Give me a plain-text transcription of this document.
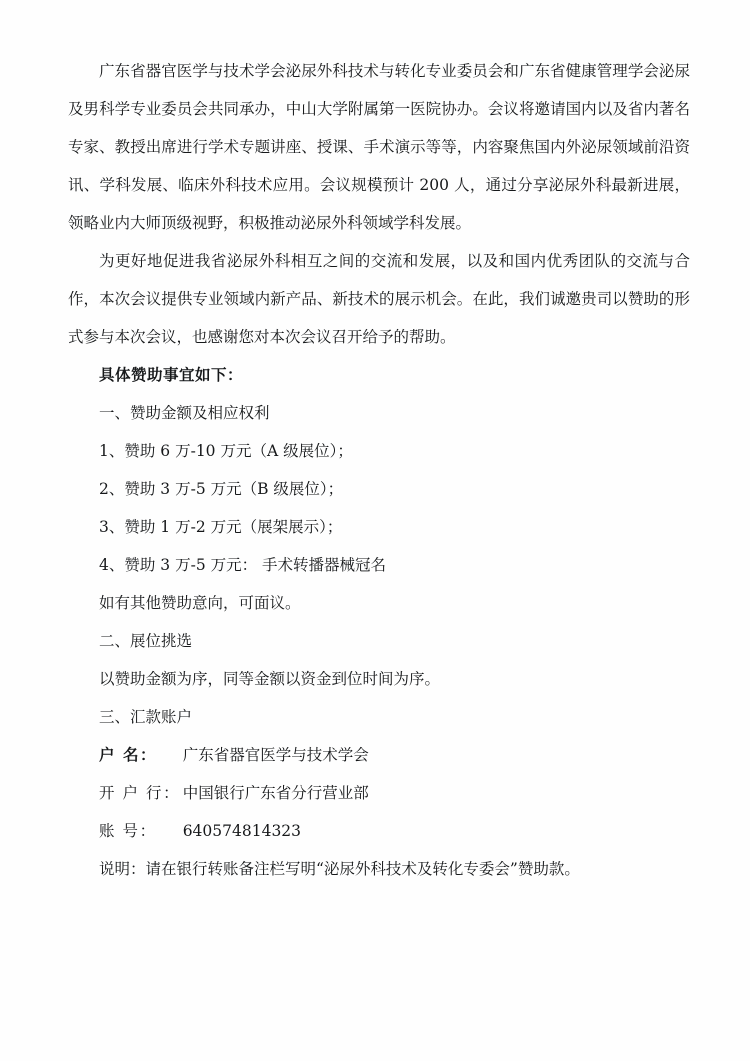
广东省器官医学与技术学会泌尿外科技术与转化专业委员会和广东省健康管理学会泌尿及男科学专业委员会共同承办，中山大学附属第一医院协办。会议将邀请国内以及省内著名专家、教授出席进行学术专题讲座、授课、手术演示等等，内容聚焦国内外泌尿领域前沿资讯、学科发展、临床外科技术应用。会议规模预计 200 人，通过分享泌尿外科最新进展，领略业内大师顶级视野，积极推动泌尿外科领域学科发展。

为更好地促进我省泌尿外科相互之间的交流和发展，以及和国内优秀团队的交流与合作，本次会议提供专业领域内新产品、新技术的展示机会。在此，我们诚邀贵司以赞助的形式参与本次会议，也感谢您对本次会议召开给予的帮助。

具体赞助事宜如下：

一、赞助金额及相应权利

1、赞助 6 万-10 万元（A 级展位）；

2、赞助 3 万-5 万元（B 级展位）；

3、赞助 1 万-2 万元（展架展示）；

4、赞助 3 万-5 万元： 手术转播器械冠名

如有其他赞助意向，可面议。

二、展位挑选

以赞助金额为序，同等金额以资金到位时间为序。

三、汇款账户

户 名：	广东省器官医学与技术学会
开 户 行： 中国银行广东省分行营业部
账 号：	640574814323

说明：请在银行转账备注栏写明“泌尿外科技术及转化专委会”赞助款。
